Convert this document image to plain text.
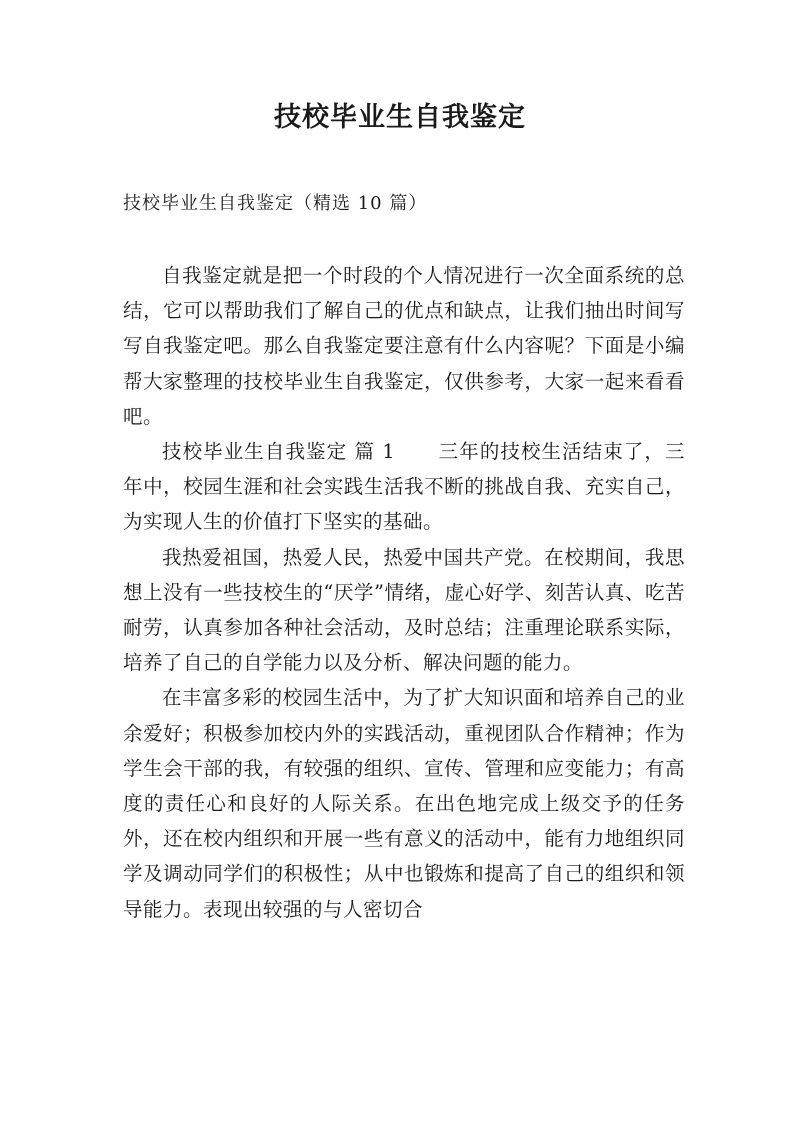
技校毕业生自我鉴定

技校毕业生自我鉴定（精选 10 篇）

自我鉴定就是把一个时段的个人情况进行一次全面系统的总结，它可以帮助我们了解自己的优点和缺点，让我们抽出时间写写自我鉴定吧。那么自我鉴定要注意有什么内容呢？下面是小编帮大家整理的技校毕业生自我鉴定，仅供参考，大家一起来看看吧。

技校毕业生自我鉴定 篇 1 三年的技校生活结束了，三年中，校园生涯和社会实践生活我不断的挑战自我、充实自己，为实现人生的价值打下坚实的基础。

我热爱祖国，热爱人民，热爱中国共产党。在校期间，我思想上没有一些技校生的“厌学”情绪，虚心好学、刻苦认真、吃苦耐劳，认真参加各种社会活动，及时总结；注重理论联系实际，培养了自己的自学能力以及分析、解决问题的能力。

在丰富多彩的校园生活中，为了扩大知识面和培养自己的业余爱好；积极参加校内外的实践活动，重视团队合作精神；作为学生会干部的我，有较强的组织、宣传、管理和应变能力；有高度的责任心和良好的人际关系。在出色地完成上级交予的任务外，还在校内组织和开展一些有意义的活动中，能有力地组织同学及调动同学们的积极性；从中也锻炼和提高了自己的组织和领导能力。表现出较强的与人密切合
